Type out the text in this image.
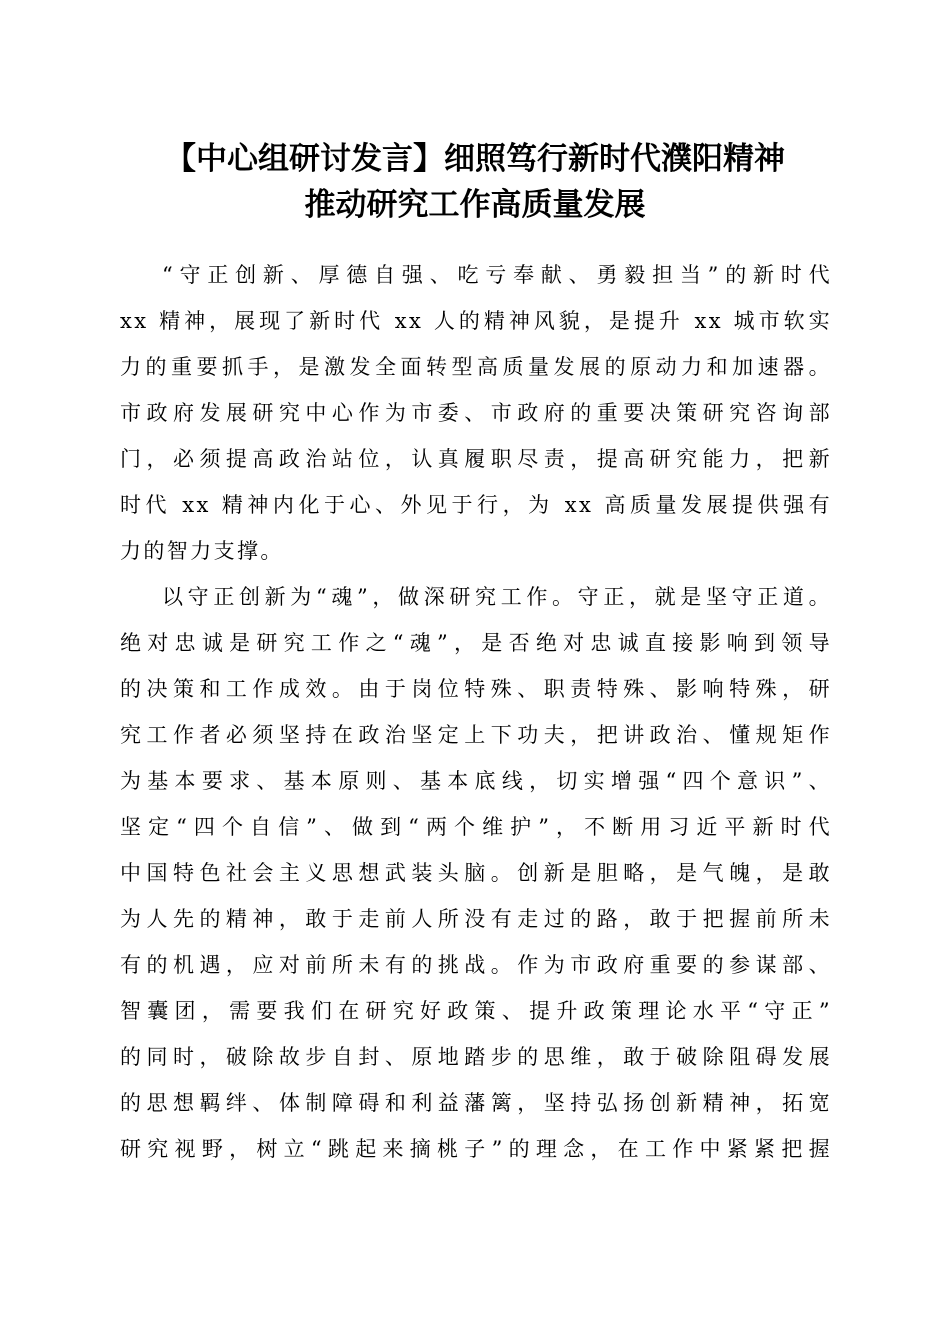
【中心组研讨发言】细照笃行新时代濮阳精神
推动研究工作高质量发展
“守正创新、厚德自强、吃亏奉献、勇毅担当”的新时代
xx 精神，展现了新时代 xx 人的精神风貌，是提升 xx 城市软实
力的重要抓手，是激发全面转型高质量发展的原动力和加速器。
市政府发展研究中心作为市委、市政府的重要决策研究咨询部
门，必须提高政治站位，认真履职尽责，提高研究能力，把新
时代 xx 精神内化于心、外见于行，为 xx 高质量发展提供强有
力的智力支撑。
以守正创新为“魂”，做深研究工作。守正，就是坚守正道。
绝对忠诚是研究工作之“魂”，是否绝对忠诚直接影响到领导
的决策和工作成效。由于岗位特殊、职责特殊、影响特殊，研
究工作者必须坚持在政治坚定上下功夫，把讲政治、懂规矩作
为基本要求、基本原则、基本底线，切实增强“四个意识”、
坚定“四个自信”、做到“两个维护”，不断用习近平新时代
中国特色社会主义思想武装头脑。创新是胆略，是气魄，是敢
为人先的精神，敢于走前人所没有走过的路，敢于把握前所未
有的机遇，应对前所未有的挑战。作为市政府重要的参谋部、
智囊团，需要我们在研究好政策、提升政策理论水平“守正”
的同时，破除故步自封、原地踏步的思维，敢于破除阻碍发展
的思想羁绊、体制障碍和利益藩篱，坚持弘扬创新精神，拓宽
研究视野，树立“跳起来摘桃子”的理念，在工作中紧紧把握
